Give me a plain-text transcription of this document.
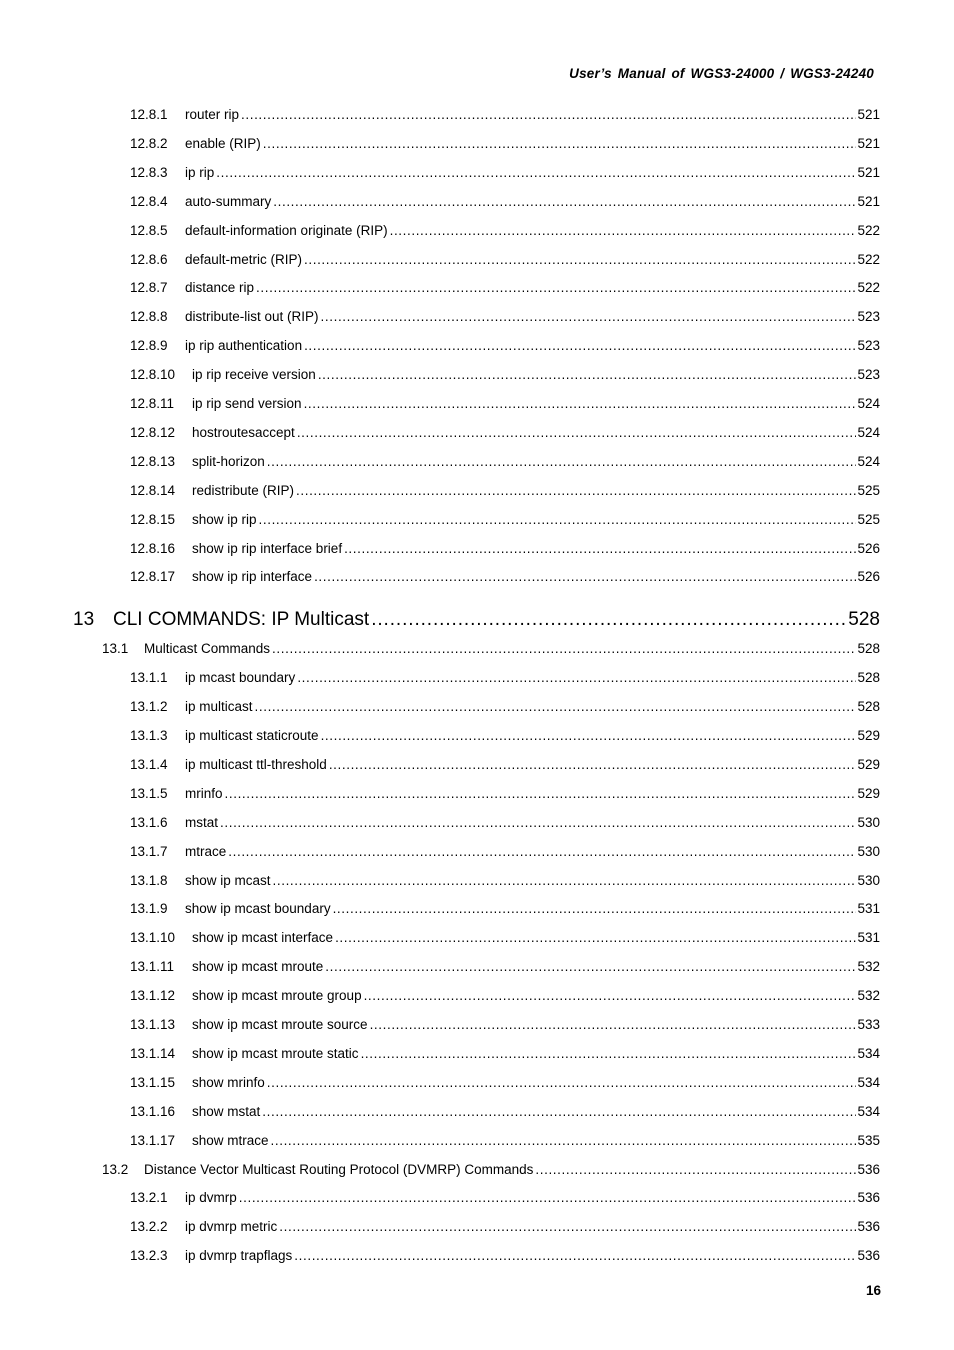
User’s Manual of WGS3-24000 / WGS3-24240
12.8.1	router rip .....	521
12.8.2	enable (RIP) .....	521
12.8.3	ip rip .....	521
12.8.4	auto-summary .....	521
12.8.5	default-information originate (RIP) .....	522
12.8.6	default-metric (RIP) .....	522
12.8.7	distance rip .....	522
12.8.8	distribute-list out (RIP) .....	523
12.8.9	ip rip authentication .....	523
12.8.10	ip rip receive version .....	523
12.8.11	ip rip send version .....	524
12.8.12	hostroutesaccept .....	524
12.8.13	split-horizon .....	524
12.8.14	redistribute (RIP) .....	525
12.8.15	show ip rip .....	525
12.8.16	show ip rip interface brief .....	526
12.8.17	show ip rip interface .....	526
13 CLI COMMANDS: IP Multicast .....	528
13.1	Multicast Commands .....	528
13.1.1	ip mcast boundary .....	528
13.1.2	ip multicast .....	528
13.1.3	ip multicast staticroute .....	529
13.1.4	ip multicast ttl-threshold .....	529
13.1.5	mrinfo .....	529
13.1.6	mstat .....	530
13.1.7	mtrace .....	530
13.1.8	show ip mcast .....	530
13.1.9	show ip mcast boundary .....	531
13.1.10	show ip mcast interface .....	531
13.1.11	show ip mcast mroute .....	532
13.1.12	show ip mcast mroute group .....	532
13.1.13	show ip mcast mroute source .....	533
13.1.14	show ip mcast mroute static .....	534
13.1.15	show mrinfo .....	534
13.1.16	show mstat .....	534
13.1.17	show mtrace .....	535
13.2	Distance Vector Multicast Routing Protocol (DVMRP) Commands .....	536
13.2.1	ip dvmrp .....	536
13.2.2	ip dvmrp metric .....	536
13.2.3	ip dvmrp trapflags .....	536
16
